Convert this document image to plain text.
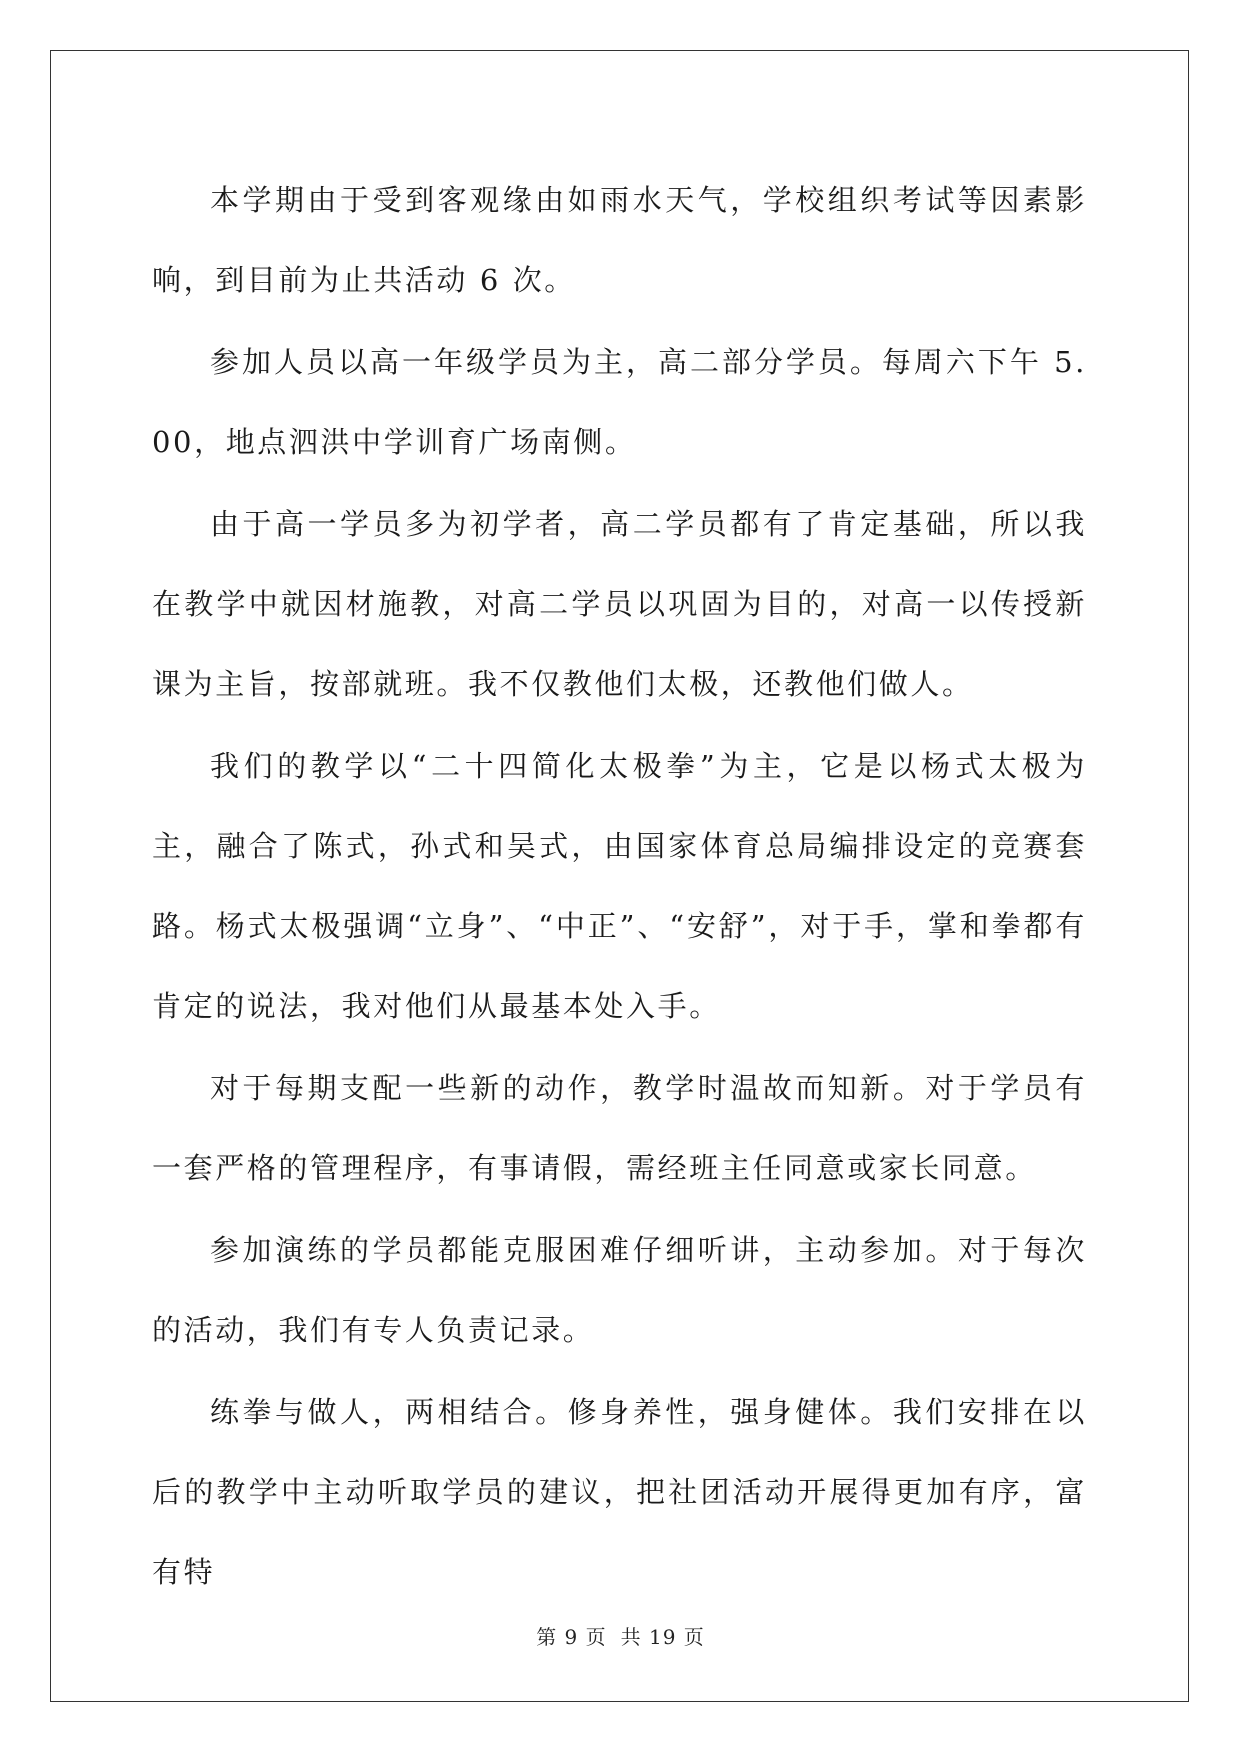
本学期由于受到客观缘由如雨水天气，学校组织考试等因素影响，到目前为止共活动 6 次。

参加人员以高一年级学员为主，高二部分学员。每周六下午 5.00，地点泗洪中学训育广场南侧。

由于高一学员多为初学者，高二学员都有了肯定基础，所以我在教学中就因材施教，对高二学员以巩固为目的，对高一以传授新课为主旨，按部就班。我不仅教他们太极，还教他们做人。

我们的教学以“二十四简化太极拳”为主，它是以杨式太极为主，融合了陈式，孙式和吴式，由国家体育总局编排设定的竞赛套路。杨式太极强调“立身”、“中正”、“安舒”，对于手，掌和拳都有肯定的说法，我对他们从最基本处入手。

对于每期支配一些新的动作，教学时温故而知新。对于学员有一套严格的管理程序，有事请假，需经班主任同意或家长同意。

参加演练的学员都能克服困难仔细听讲，主动参加。对于每次的活动，我们有专人负责记录。

练拳与做人，两相结合。修身养性，强身健体。我们安排在以后的教学中主动听取学员的建议，把社团活动开展得更加有序，富有特

第 9 页 共 19 页
